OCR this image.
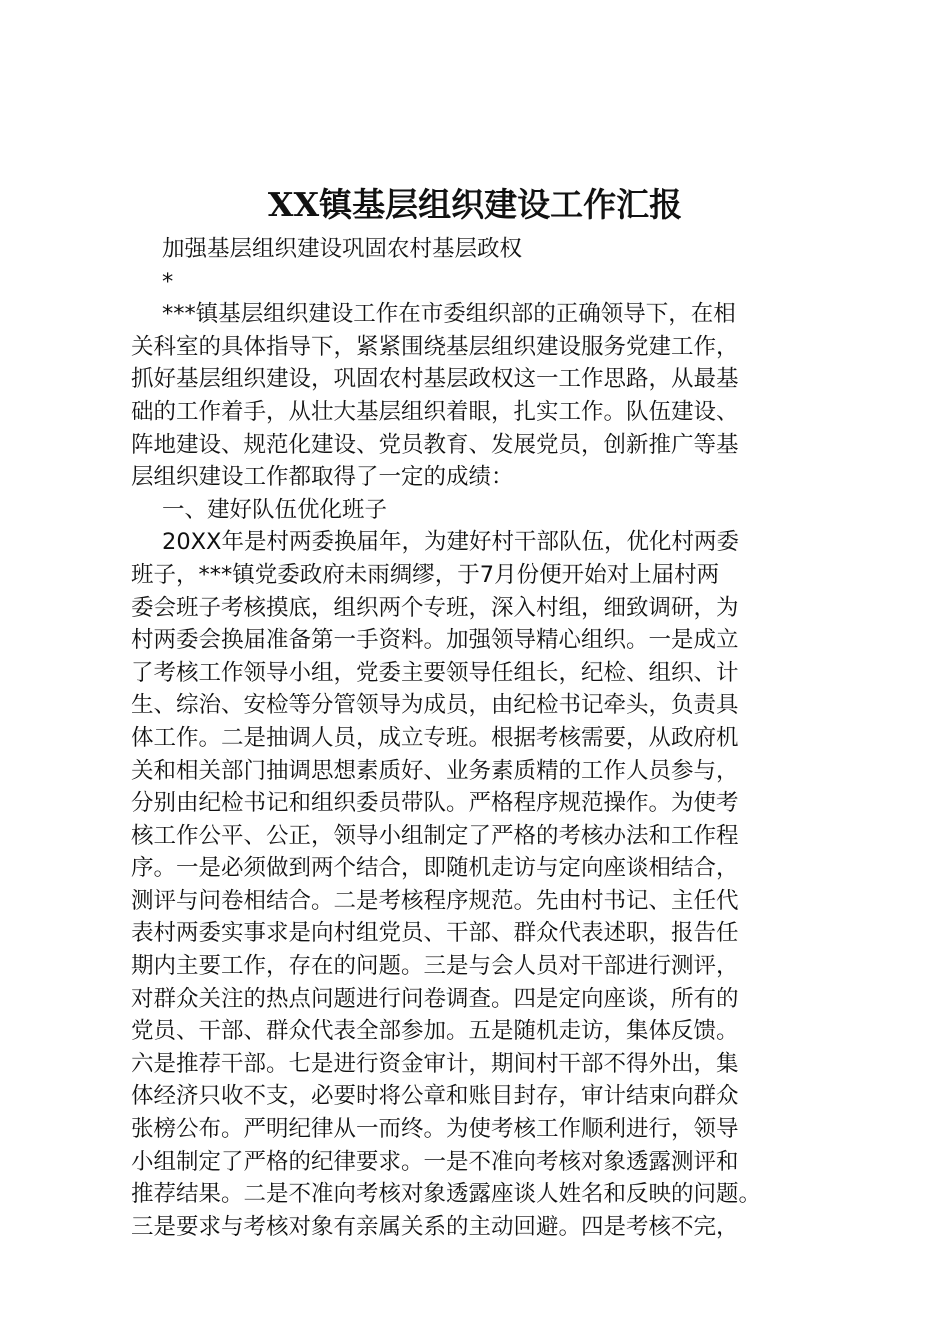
XX镇基层组织建设工作汇报
加强基层组织建设巩固农村基层政权
*
***镇基层组织建设工作在市委组织部的正确领导下，在相
关科室的具体指导下，紧紧围绕基层组织建设服务党建工作，
抓好基层组织建设，巩固农村基层政权这一工作思路，从最基
础的工作着手，从壮大基层组织着眼，扎实工作。队伍建设、
阵地建设、规范化建设、党员教育、发展党员，创新推广等基
层组织建设工作都取得了一定的成绩：
一、建好队伍优化班子
20XX年是村两委换届年，为建好村干部队伍，优化村两委
班子，***镇党委政府未雨绸缪，于7月份便开始对上届村两
委会班子考核摸底，组织两个专班，深入村组，细致调研，为
村两委会换届准备第一手资料。加强领导精心组织。一是成立
了考核工作领导小组，党委主要领导任组长，纪检、组织、计
生、综治、安检等分管领导为成员，由纪检书记牵头，负责具
体工作。二是抽调人员，成立专班。根据考核需要，从政府机
关和相关部门抽调思想素质好、业务素质精的工作人员参与，
分别由纪检书记和组织委员带队。严格程序规范操作。为使考
核工作公平、公正，领导小组制定了严格的考核办法和工作程
序。一是必须做到两个结合，即随机走访与定向座谈相结合，
测评与问卷相结合。二是考核程序规范。先由村书记、主任代
表村两委实事求是向村组党员、干部、群众代表述职，报告任
期内主要工作，存在的问题。三是与会人员对干部进行测评，
对群众关注的热点问题进行问卷调查。四是定向座谈，所有的
党员、干部、群众代表全部参加。五是随机走访，集体反馈。
六是推荐干部。七是进行资金审计，期间村干部不得外出，集
体经济只收不支，必要时将公章和账目封存，审计结束向群众
张榜公布。严明纪律从一而终。为使考核工作顺利进行，领导
小组制定了严格的纪律要求。一是不准向考核对象透露测评和
推荐结果。二是不准向考核对象透露座谈人姓名和反映的问题。
三是要求与考核对象有亲属关系的主动回避。四是考核不完，
